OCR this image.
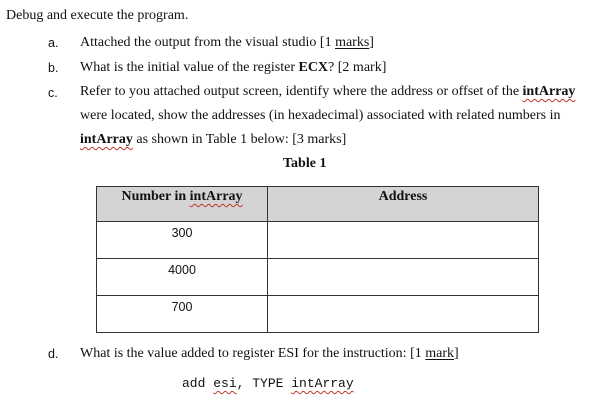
Debug and execute the program.
a. Attached the output from the visual studio [1 marks]
b. What is the initial value of the register ECX? [2 mark]
c. Refer to you attached output screen, identify where the address or offset of the intArray
were located, show the addresses (in hexadecimal) associated with related numbers in
intArray as shown in Table 1 below: [3 marks]
Table 1
Number in intArray	Address
300	
4000	
700	
d. What is the value added to register ESI for the instruction: [1 mark]
add esi, TYPE intArray
